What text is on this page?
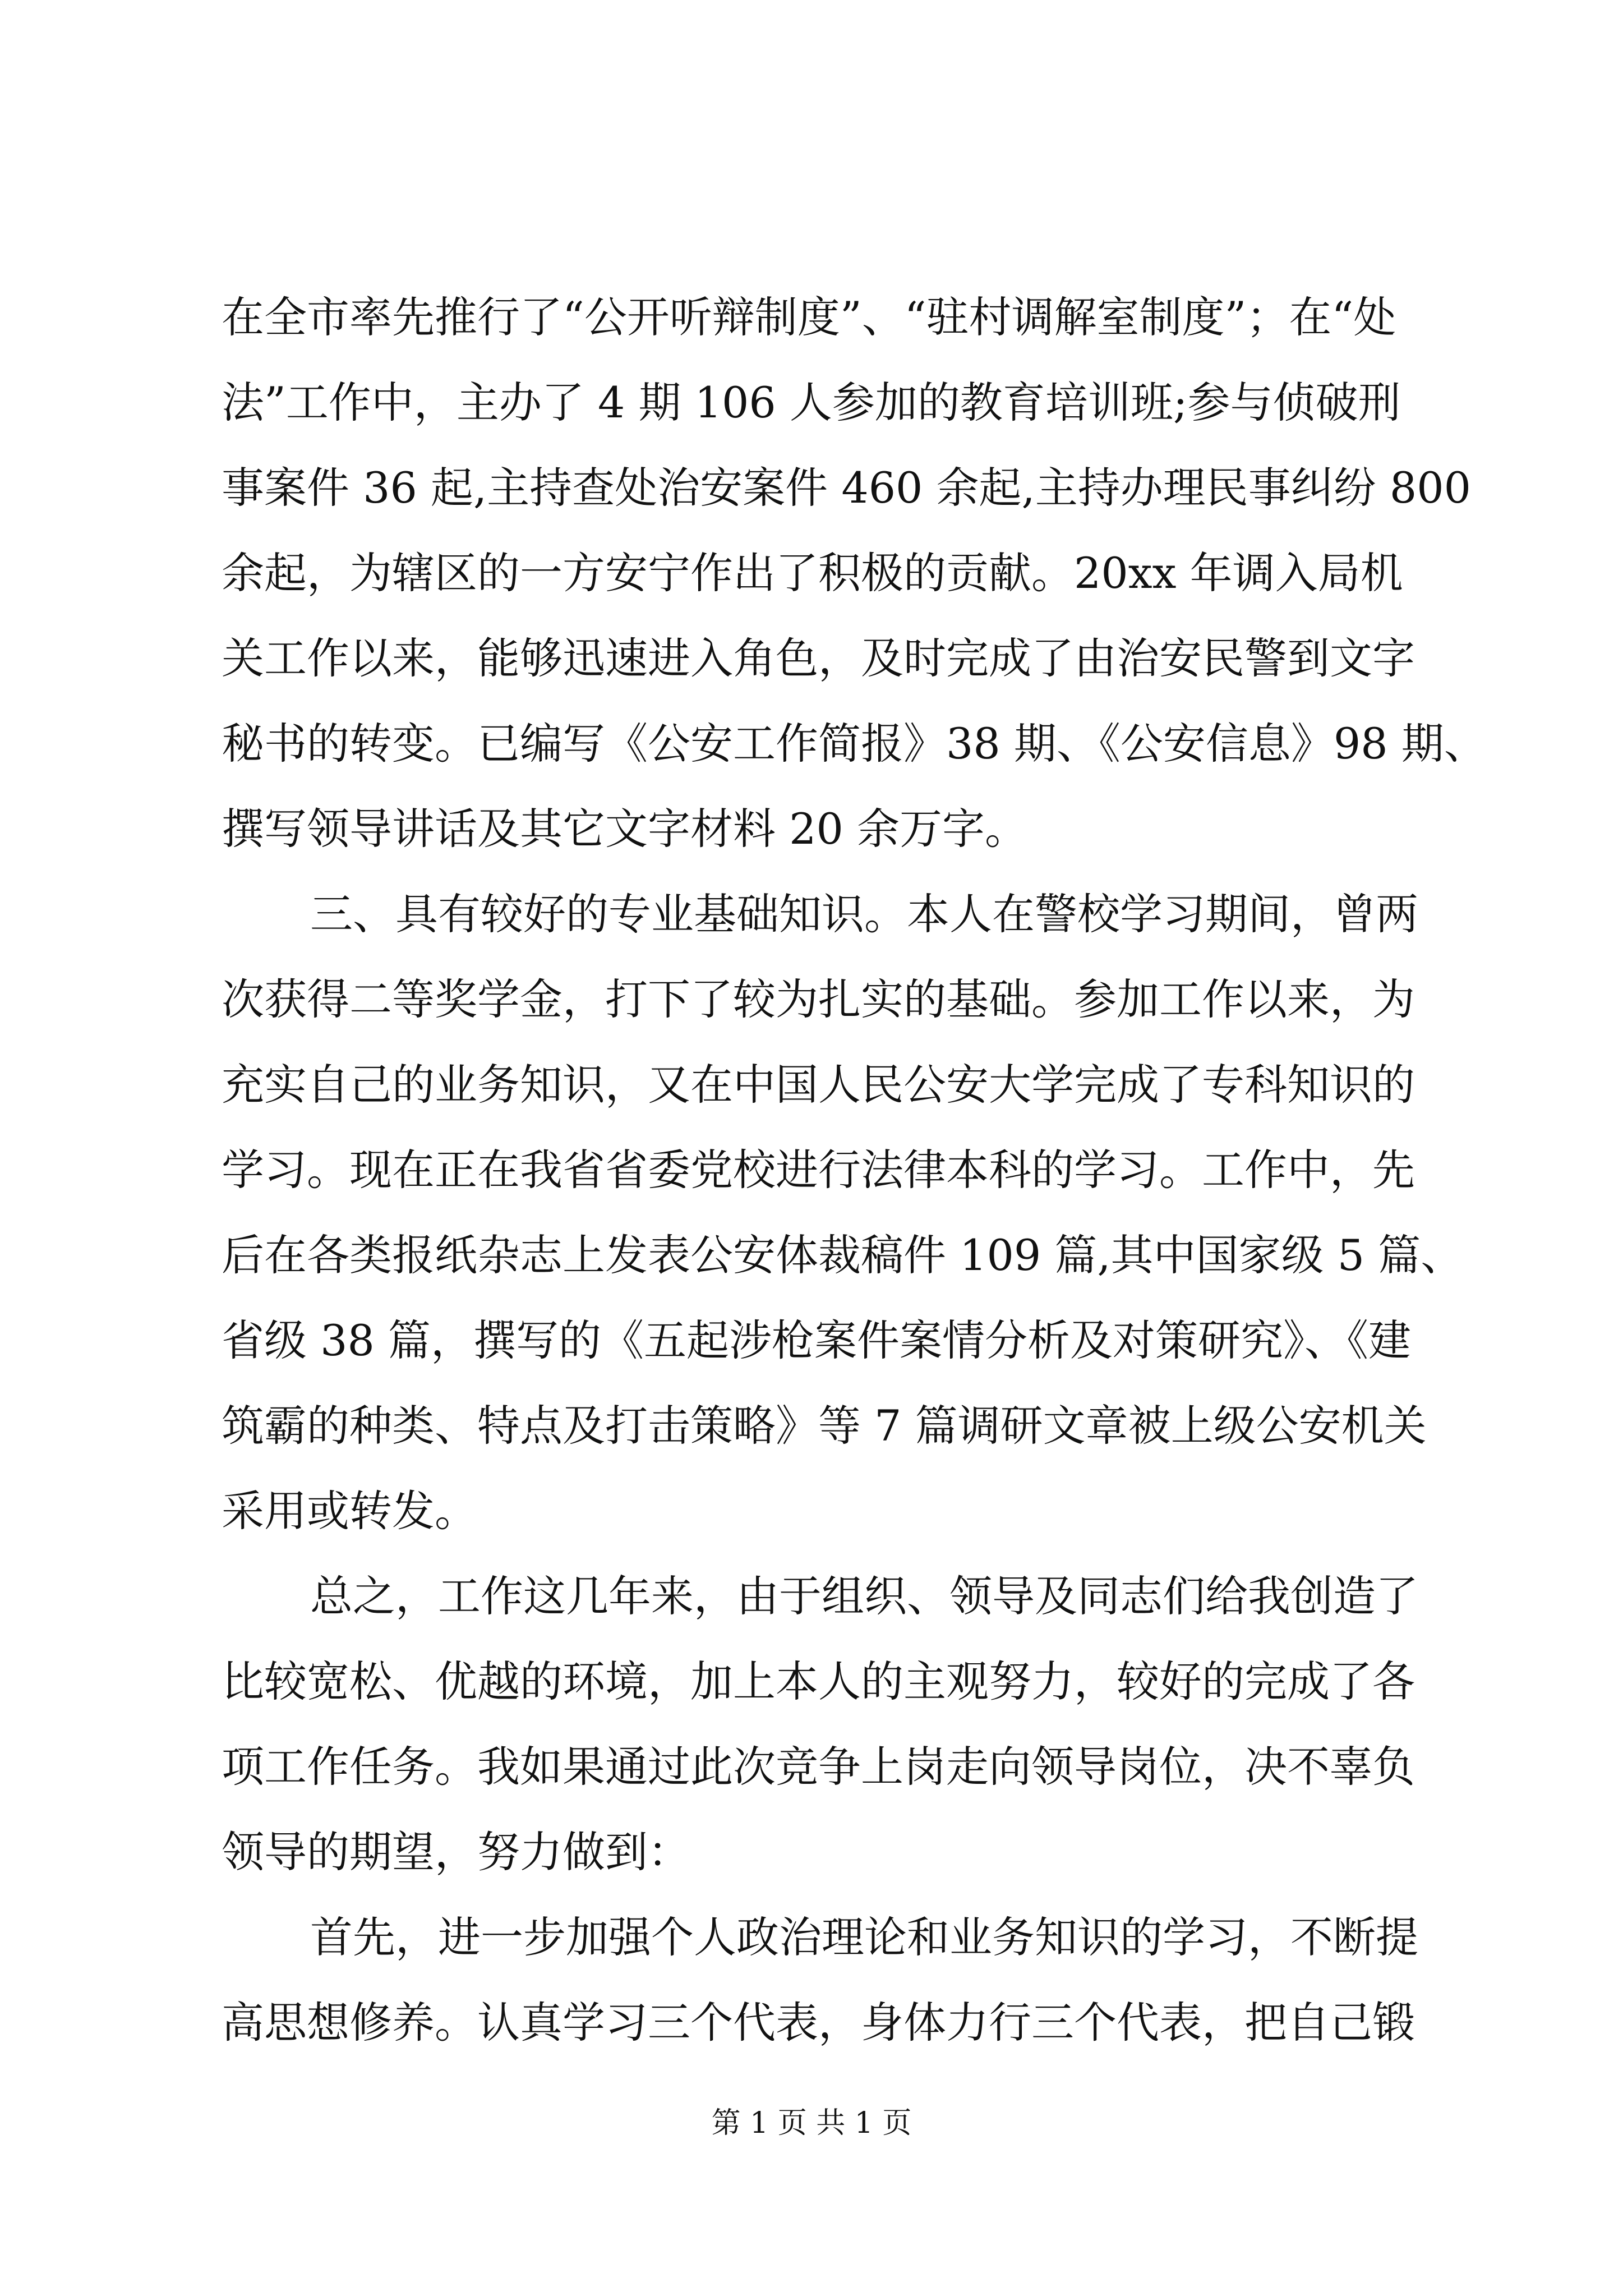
在全市率先推行了“公开听辩制度”、“驻村调解室制度”；在“处
法”工作中，主办了 4 期 106 人参加的教育培训班;参与侦破刑
事案件 36 起,主持查处治安案件 460 余起,主持办理民事纠纷 800
余起，为辖区的一方安宁作出了积极的贡献。20xx 年调入局机
关工作以来，能够迅速进入角色，及时完成了由治安民警到文字
秘书的转变。已编写《公安工作简报》38 期、《公安信息》98 期、
撰写领导讲话及其它文字材料 20 余万字。
三、具有较好的专业基础知识。本人在警校学习期间，曾两
次获得二等奖学金，打下了较为扎实的基础。参加工作以来，为
充实自己的业务知识，又在中国人民公安大学完成了专科知识的
学习。现在正在我省省委党校进行法律本科的学习。工作中，先
后在各类报纸杂志上发表公安体裁稿件 109 篇,其中国家级 5 篇、
省级 38 篇，撰写的《五起涉枪案件案情分析及对策研究》、《建
筑霸的种类、特点及打击策略》等 7 篇调研文章被上级公安机关
采用或转发。
总之，工作这几年来，由于组织、领导及同志们给我创造了
比较宽松、优越的环境，加上本人的主观努力，较好的完成了各
项工作任务。我如果通过此次竞争上岗走向领导岗位，决不辜负
领导的期望，努力做到：
首先，进一步加强个人政治理论和业务知识的学习，不断提
高思想修养。认真学习三个代表，身体力行三个代表，把自己锻
第 1 页 共 1 页
